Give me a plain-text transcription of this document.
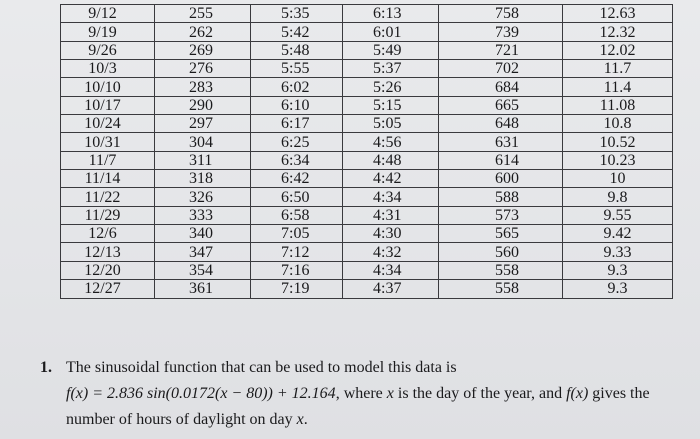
9/12	255	5:35	6:13	758	12.63
9/19	262	5:42	6:01	739	12.32
9/26	269	5:48	5:49	721	12.02
10/3	276	5:55	5:37	702	11.7
10/10	283	6:02	5:26	684	11.4
10/17	290	6:10	5:15	665	11.08
10/24	297	6:17	5:05	648	10.8
10/31	304	6:25	4:56	631	10.52
11/7	311	6:34	4:48	614	10.23
11/14	318	6:42	4:42	600	10
11/22	326	6:50	4:34	588	9.8
11/29	333	6:58	4:31	573	9.55
12/6	340	7:05	4:30	565	9.42
12/13	347	7:12	4:32	560	9.33
12/20	354	7:16	4:34	558	9.3
12/27	361	7:19	4:37	558	9.3
1. The sinusoidal function that can be used to model this data is
f(x) = 2.836 sin(0.0172(x − 80)) + 12.164, where x is the day of the year, and f(x) gives the
number of hours of daylight on day x.
